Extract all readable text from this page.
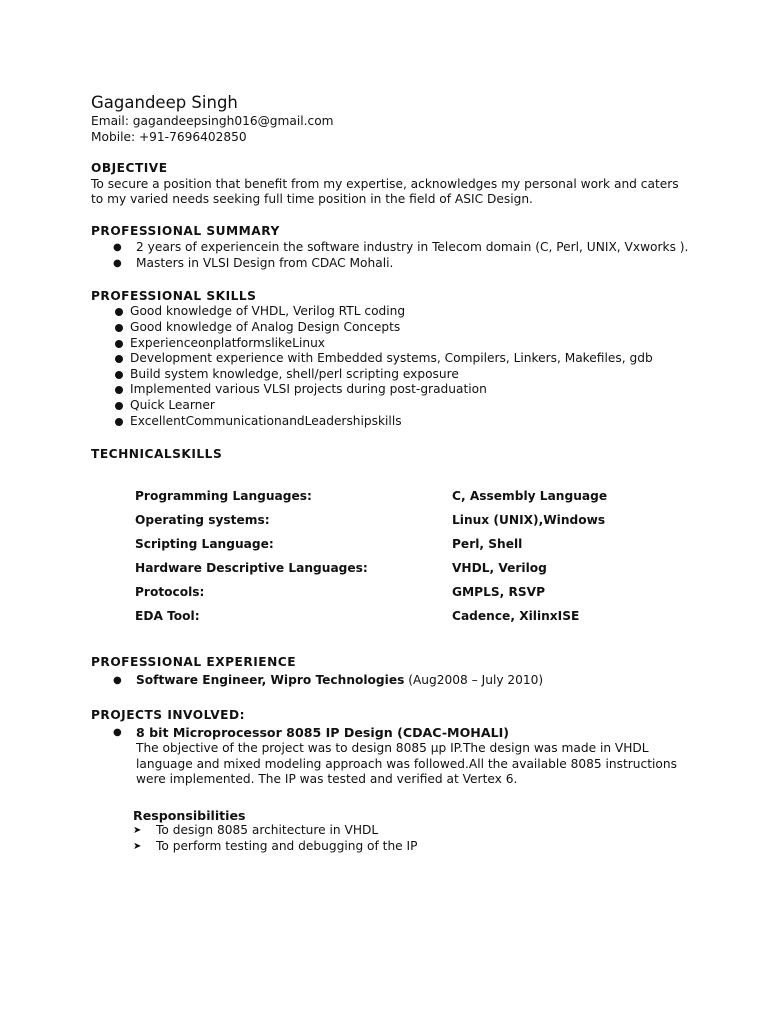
Gagandeep Singh

Email: gagandeepsingh016@gmail.com

Mobile: +91-7696402850

OBJECTIVE

To secure a position that benefit from my expertise, acknowledges my personal work and caters to my varied needs seeking full time position in the field of ASIC Design.

PROFESSIONAL SUMMARY

● 2 years of experiencein the software industry in Telecom domain (C, Perl, UNIX, Vxworks ).
● Masters in VLSI Design from CDAC Mohali.

PROFESSIONAL SKILLS

Good knowledge of VHDL, Verilog RTL coding
Good knowledge of Analog Design Concepts
ExperienceonplatformslikeLinux
Development experience with Embedded systems, Compilers, Linkers, Makefiles, gdb
Build system knowledge, shell/perl scripting exposure
Implemented various VLSI projects during post-graduation
Quick Learner
ExcellentCommunicationandLeadershipskills

TECHNICALSKILLS

Programming Languages:	C, Assembly Language
Operating systems:	Linux (UNIX),Windows
Scripting Language:	Perl, Shell
Hardware Descriptive Languages:	VHDL, Verilog
Protocols:	GMPLS, RSVP
EDA Tool:	Cadence, XilinxISE

PROFESSIONAL EXPERIENCE

● Software Engineer, Wipro Technologies (Aug2008 – July 2010)

PROJECTS INVOLVED:

● 8 bit Microprocessor 8085 IP Design (CDAC-MOHALI)
The objective of the project was to design 8085 µp IP.The design was made in VHDL language and mixed modeling approach was followed.All the available 8085 instructions were implemented. The IP was tested and verified at Vertex 6.
Responsibilities
➤ To design 8085 architecture in VHDL
➤ To perform testing and debugging of the IP
